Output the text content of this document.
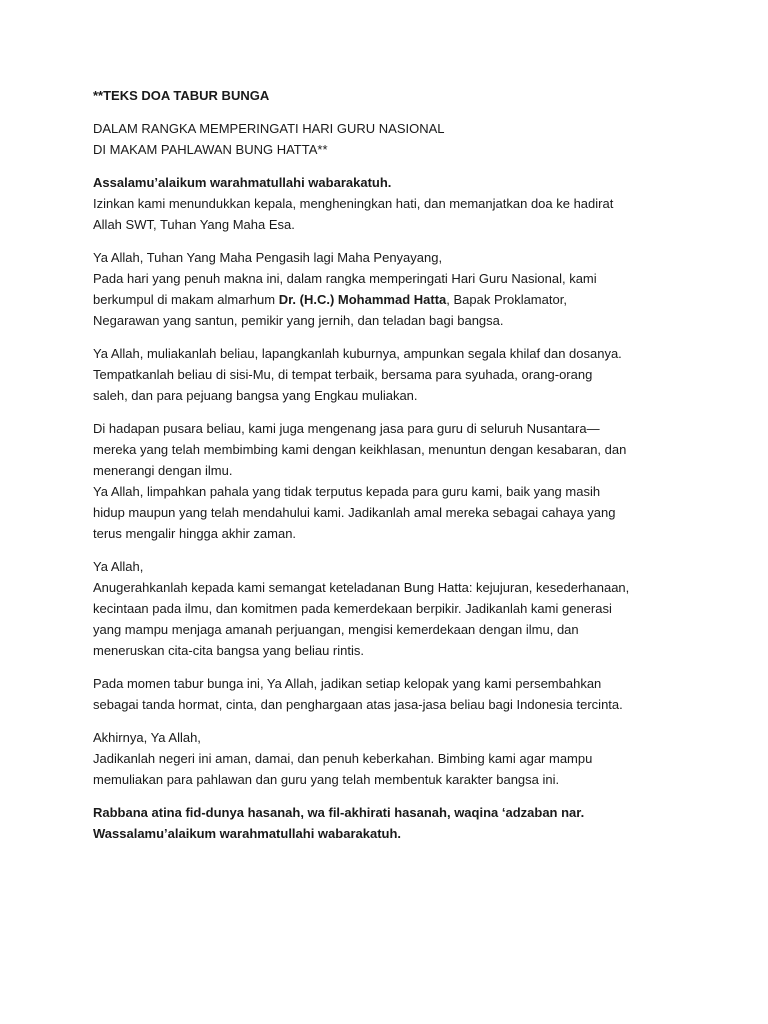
**TEKS DOA TABUR BUNGA

DALAM RANGKA MEMPERINGATI HARI GURU NASIONAL
DI MAKAM PAHLAWAN BUNG HATTA**

Assalamu’alaikum warahmatullahi wabarakatuh.
Izinkan kami menundukkan kepala, mengheningkan hati, dan memanjatkan doa ke hadirat
Allah SWT, Tuhan Yang Maha Esa.

Ya Allah, Tuhan Yang Maha Pengasih lagi Maha Penyayang,
Pada hari yang penuh makna ini, dalam rangka memperingati Hari Guru Nasional, kami
berkumpul di makam almarhum Dr. (H.C.) Mohammad Hatta, Bapak Proklamator,
Negarawan yang santun, pemikir yang jernih, dan teladan bagi bangsa.

Ya Allah, muliakanlah beliau, lapangkanlah kuburnya, ampunkan segala khilaf dan dosanya.
Tempatkanlah beliau di sisi-Mu, di tempat terbaik, bersama para syuhada, orang-orang
saleh, dan para pejuang bangsa yang Engkau muliakan.

Di hadapan pusara beliau, kami juga mengenang jasa para guru di seluruh Nusantara—
mereka yang telah membimbing kami dengan keikhlasan, menuntun dengan kesabaran, dan
menerangi dengan ilmu.
Ya Allah, limpahkan pahala yang tidak terputus kepada para guru kami, baik yang masih
hidup maupun yang telah mendahului kami. Jadikanlah amal mereka sebagai cahaya yang
terus mengalir hingga akhir zaman.

Ya Allah,
Anugerahkanlah kepada kami semangat keteladanan Bung Hatta: kejujuran, kesederhanaan,
kecintaan pada ilmu, dan komitmen pada kemerdekaan berpikir. Jadikanlah kami generasi
yang mampu menjaga amanah perjuangan, mengisi kemerdekaan dengan ilmu, dan
meneruskan cita-cita bangsa yang beliau rintis.

Pada momen tabur bunga ini, Ya Allah, jadikan setiap kelopak yang kami persembahkan
sebagai tanda hormat, cinta, dan penghargaan atas jasa-jasa beliau bagi Indonesia tercinta.

Akhirnya, Ya Allah,
Jadikanlah negeri ini aman, damai, dan penuh keberkahan. Bimbing kami agar mampu
memuliakan para pahlawan dan guru yang telah membentuk karakter bangsa ini.

Rabbana atina fid-dunya hasanah, wa fil-akhirati hasanah, waqina ‘adzaban nar.
Wassalamu’alaikum warahmatullahi wabarakatuh.
